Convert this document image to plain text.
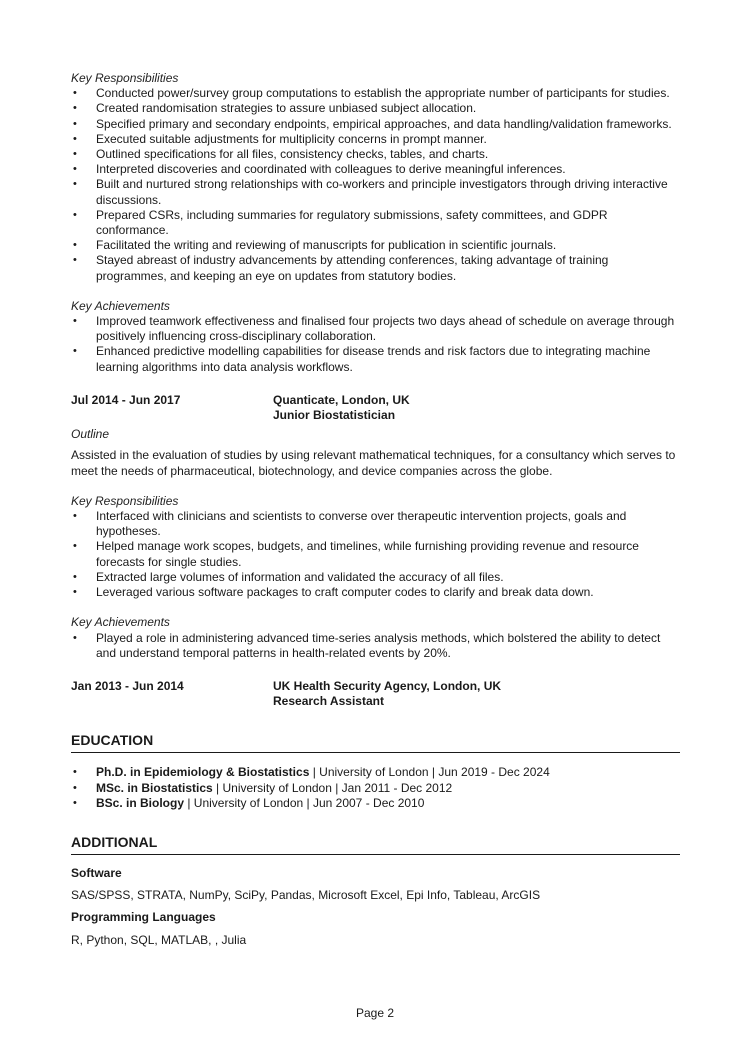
Key Responsibilities
• Conducted power/survey group computations to establish the appropriate number of participants for studies.
• Created randomisation strategies to assure unbiased subject allocation.
• Specified primary and secondary endpoints, empirical approaches, and data handling/validation frameworks.
• Executed suitable adjustments for multiplicity concerns in prompt manner.
• Outlined specifications for all files, consistency checks, tables, and charts.
• Interpreted discoveries and coordinated with colleagues to derive meaningful inferences.
• Built and nurtured strong relationships with co-workers and principle investigators through driving interactive discussions.
• Prepared CSRs, including summaries for regulatory submissions, safety committees, and GDPR conformance.
• Facilitated the writing and reviewing of manuscripts for publication in scientific journals.
• Stayed abreast of industry advancements by attending conferences, taking advantage of training programmes, and keeping an eye on updates from statutory bodies.
Key Achievements
• Improved teamwork effectiveness and finalised four projects two days ahead of schedule on average through positively influencing cross-disciplinary collaboration.
• Enhanced predictive modelling capabilities for disease trends and risk factors due to integrating machine learning algorithms into data analysis workflows.
Jul 2014 - Jun 2017	Quanticate, London, UK
Junior Biostatistician
Outline
Assisted in the evaluation of studies by using relevant mathematical techniques, for a consultancy which serves to meet the needs of pharmaceutical, biotechnology, and device companies across the globe.
Key Responsibilities
• Interfaced with clinicians and scientists to converse over therapeutic intervention projects, goals and hypotheses.
• Helped manage work scopes, budgets, and timelines, while furnishing providing revenue and resource forecasts for single studies.
• Extracted large volumes of information and validated the accuracy of all files.
• Leveraged various software packages to craft computer codes to clarify and break data down.
Key Achievements
• Played a role in administering advanced time-series analysis methods, which bolstered the ability to detect and understand temporal patterns in health-related events by 20%.
Jan 2013 - Jun 2014	UK Health Security Agency, London, UK
Research Assistant
EDUCATION
• Ph.D. in Epidemiology & Biostatistics | University of London | Jun 2019 - Dec 2024
• MSc. in Biostatistics | University of London | Jan 2011 - Dec 2012
• BSc. in Biology | University of London | Jun 2007 - Dec 2010
ADDITIONAL
Software
SAS/SPSS, STRATA, NumPy, SciPy, Pandas, Microsoft Excel, Epi Info, Tableau, ArcGIS
Programming Languages
R, Python, SQL, MATLAB, , Julia
Page 2
